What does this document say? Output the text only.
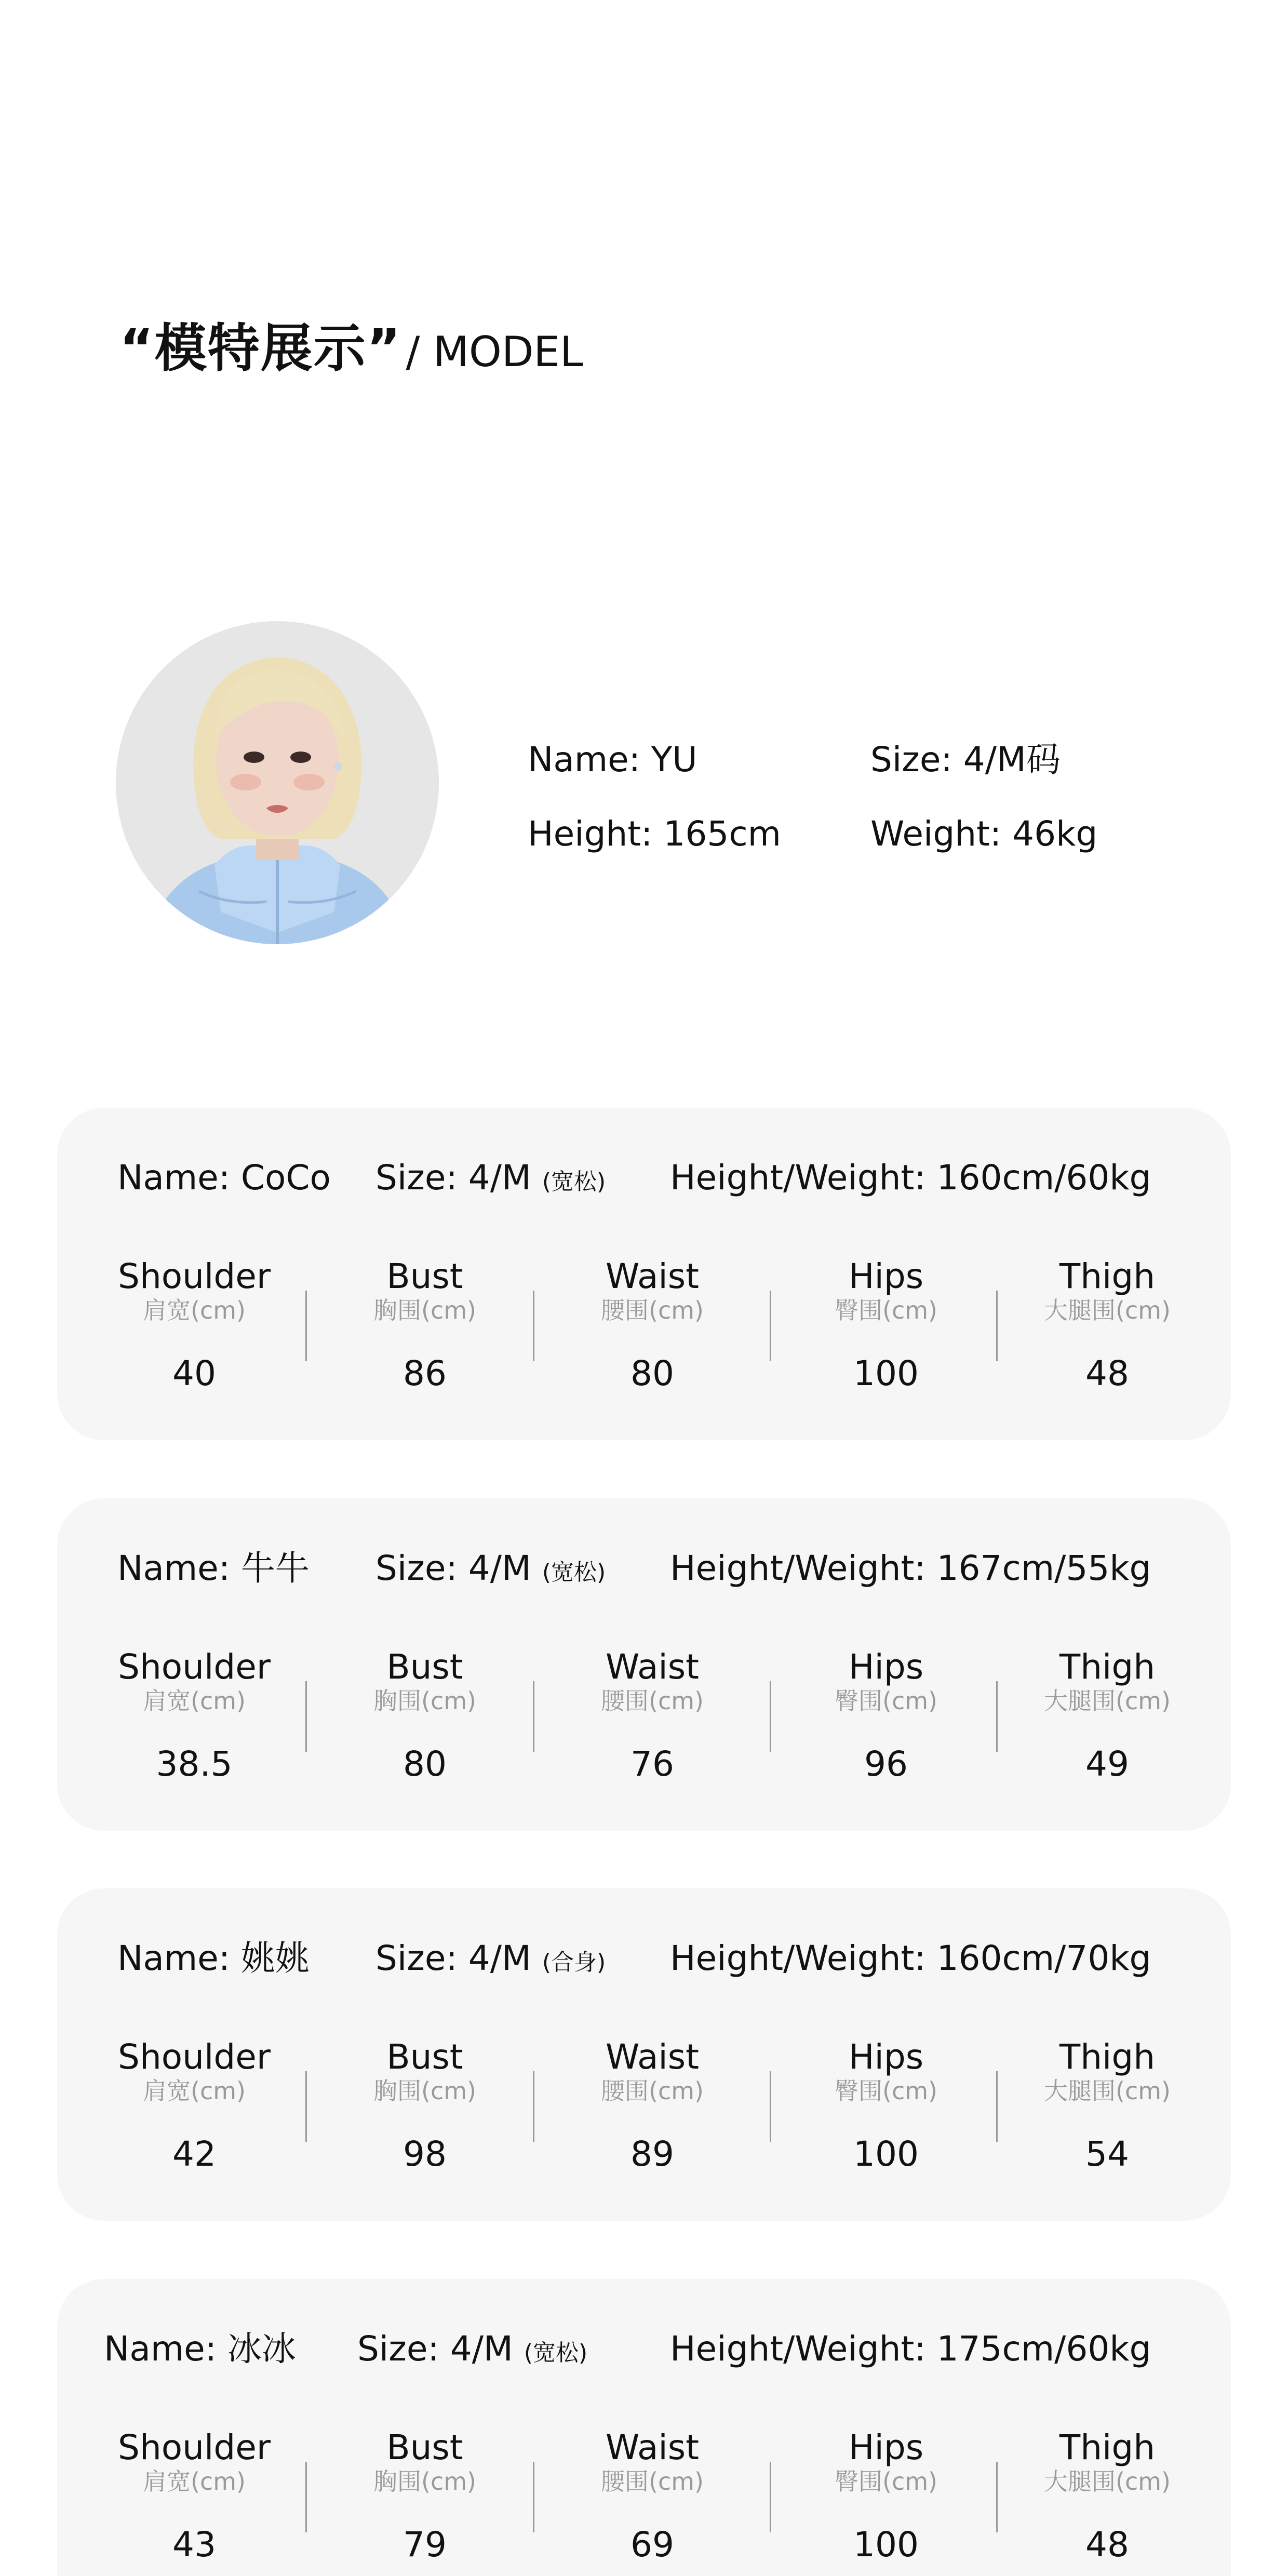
“模特展示” / MODEL
Name: YU	Size: 4/M码
Height: 165cm	Weight: 46kg
Name: CoCo Size: 4/M (宽松) Height/Weight: 160cm/60kg
Shoulder
肩宽(cm)
40
Bust
胸围(cm)
86
Waist
腰围(cm)
80
Hips
臀围(cm)
100
Thigh
大腿围(cm)
48
Name: 牛牛 Size: 4/M (宽松) Height/Weight: 167cm/55kg
Shoulder
肩宽(cm)
38.5
Bust
胸围(cm)
80
Waist
腰围(cm)
76
Hips
臀围(cm)
96
Thigh
大腿围(cm)
49
Name: 姚姚 Size: 4/M (合身) Height/Weight: 160cm/70kg
Shoulder
肩宽(cm)
42
Bust
胸围(cm)
98
Waist
腰围(cm)
89
Hips
臀围(cm)
100
Thigh
大腿围(cm)
54
Name: 冰冰 Size: 4/M (宽松) Height/Weight: 175cm/60kg
Shoulder
肩宽(cm)
43
Bust
胸围(cm)
79
Waist
腰围(cm)
69
Hips
臀围(cm)
100
Thigh
大腿围(cm)
48
